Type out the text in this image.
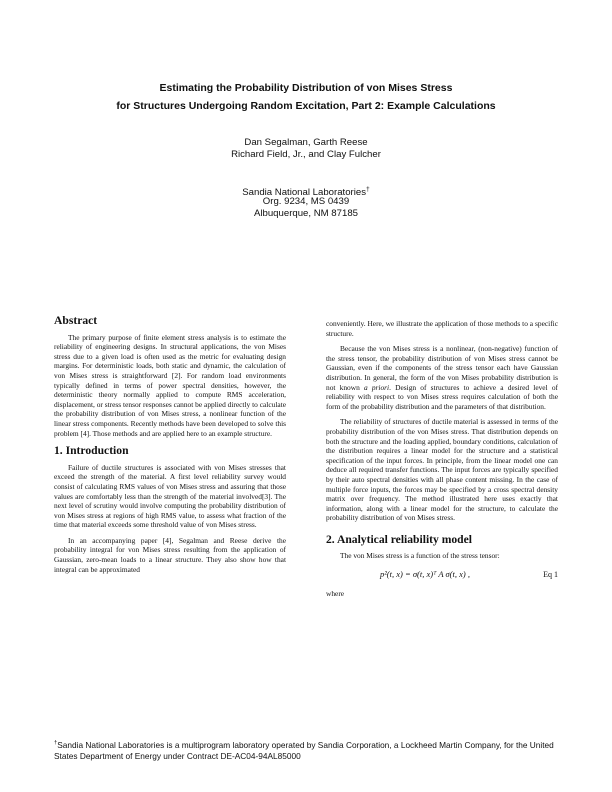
Estimating the Probability Distribution of von Mises Stress
for Structures Undergoing Random Excitation, Part 2: Example Calculations
Dan Segalman, Garth Reese
Richard Field, Jr., and Clay Fulcher
Sandia National Laboratories†
Org. 9234, MS 0439
Albuquerque, NM 87185
Abstract

The primary purpose of finite element stress analysis is to estimate the reliability of engineering designs. In structural applications, the von Mises stress due to a given load is often used as the metric for evaluating design margins. For deterministic loads, both static and dynamic, the calculation of von Mises stress is straightforward [2]. For random load environments typically defined in terms of power spectral densities, however, the deterministic theory normally applied to compute RMS acceleration, displacement, or stress tensor responses cannot be applied directly to calculate the probability distribution of von Mises stress, a nonlinear function of the linear stress components. Recently methods have been developed to solve this problem [4]. Those methods and are applied here to an example structure.

1. Introduction

Failure of ductile structures is associated with von Mises stresses that exceed the strength of the material. A first level reliability survey would consist of calculating RMS values of von Mises stress and assuring that those values are comfortably less than the strength of the material involved[3]. The next level of scrutiny would involve computing the probability distribution of von Mises stress at regions of high RMS value, to assess what fraction of the time that material exceeds some threshold value of von Mises stress.

In an accompanying paper [4], Segalman and Reese derive the probability integral for von Mises stress resulting from the application of Gaussian, zero-mean loads to a linear structure. They also show how that integral can be approximated

conveniently. Here, we illustrate the application of those methods to a specific structure.

Because the von Mises stress is a nonlinear, (non-negative) function of the stress tensor, the probability distribution of von Mises stress cannot be Gaussian, even if the components of the stress tensor each have Gaussian distribution. In general, the form of the von Mises probability distribution is not known a priori. Design of structures to achieve a desired level of reliability with respect to von Mises stress requires calculation of both the form of the probability distribution and the parameters of that distribution.

The reliability of structures of ductile material is assessed in terms of the probability distribution of the von Mises stress. That distribution depends on both the structure and the loading applied, boundary conditions, calculation of the distribution requires a linear model for the structure and a statistical specification of the input forces. In principle, from the linear model one can deduce all required transfer functions. The input forces are typically specified by their auto spectral densities with all phase content missing. In the case of multiple force inputs, the forces may be specified by a cross spectral density matrix over frequency. The method illustrated here uses exactly that information, along with a linear model for the structure, to calculate the probability distribution of von Mises stress.

2. Analytical reliability model

The von Mises stress is a function of the stress tensor:

p²(t, x) = σ(t, x)ᵀ A σ(t, x) ,	Eq 1

where

†Sandia National Laboratories is a multiprogram laboratory operated by Sandia Corporation, a Lockheed Martin Company, for the United States Department of Energy under Contract DE-AC04-94AL85000
